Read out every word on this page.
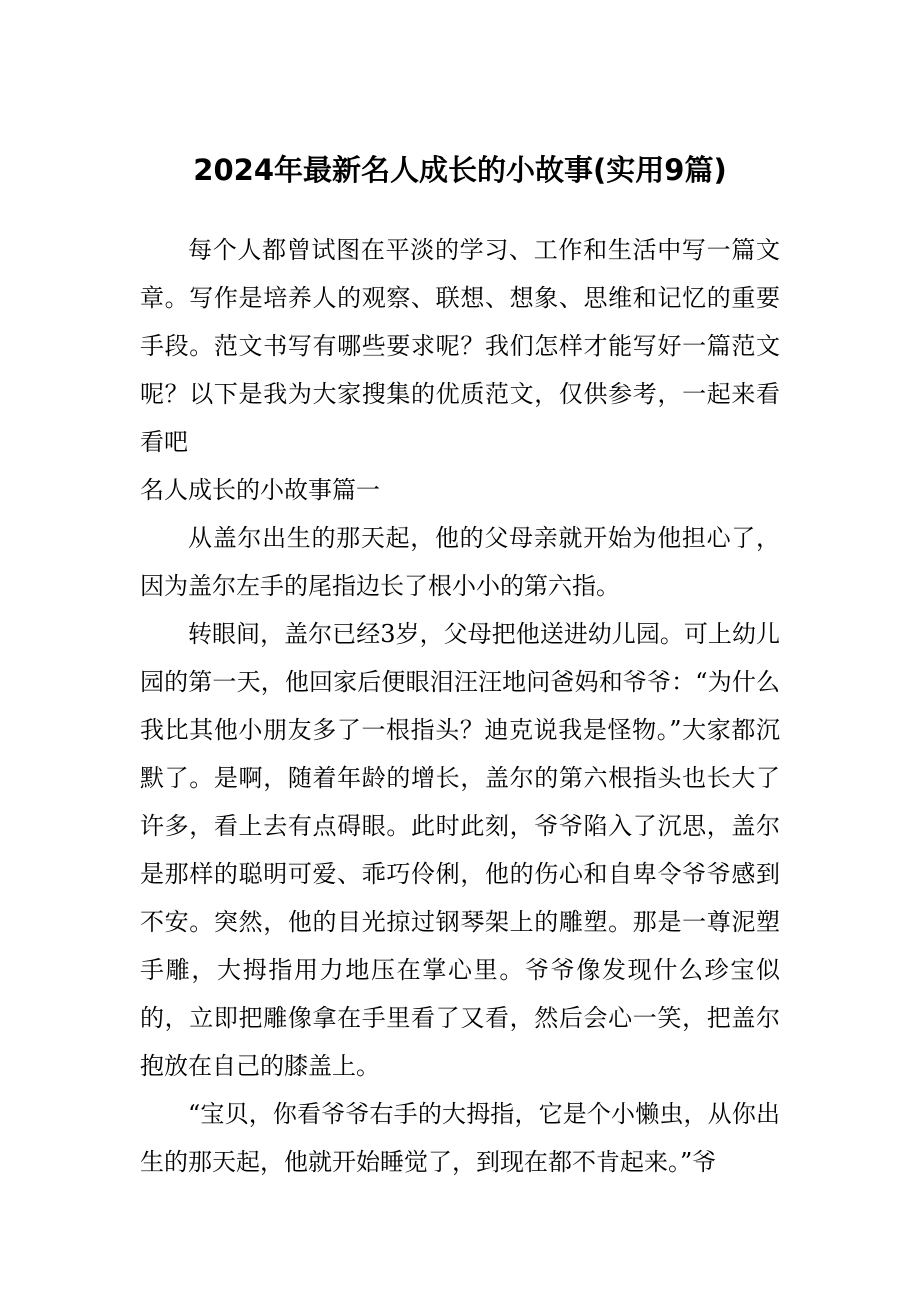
2024年最新名人成长的小故事(实用9篇)

每个人都曾试图在平淡的学习、工作和生活中写一篇文章。写作是培养人的观察、联想、想象、思维和记忆的重要手段。范文书写有哪些要求呢？我们怎样才能写好一篇范文呢？以下是我为大家搜集的优质范文，仅供参考，一起来看看吧

名人成长的小故事篇一

从盖尔出生的那天起，他的父母亲就开始为他担心了，因为盖尔左手的尾指边长了根小小的第六指。

转眼间，盖尔已经3岁，父母把他送进幼儿园。可上幼儿园的第一天，他回家后便眼泪汪汪地问爸妈和爷爷：“为什么我比其他小朋友多了一根指头？迪克说我是怪物。”大家都沉默了。是啊，随着年龄的增长，盖尔的第六根指头也长大了许多，看上去有点碍眼。此时此刻，爷爷陷入了沉思，盖尔是那样的聪明可爱、乖巧伶俐，他的伤心和自卑令爷爷感到不安。突然，他的目光掠过钢琴架上的雕塑。那是一尊泥塑手雕，大拇指用力地压在掌心里。爷爷像发现什么珍宝似的，立即把雕像拿在手里看了又看，然后会心一笑，把盖尔抱放在自己的膝盖上。

“宝贝，你看爷爷右手的大拇指，它是个小懒虫，从你出生的那天起，他就开始睡觉了，到现在都不肯起来。”爷
